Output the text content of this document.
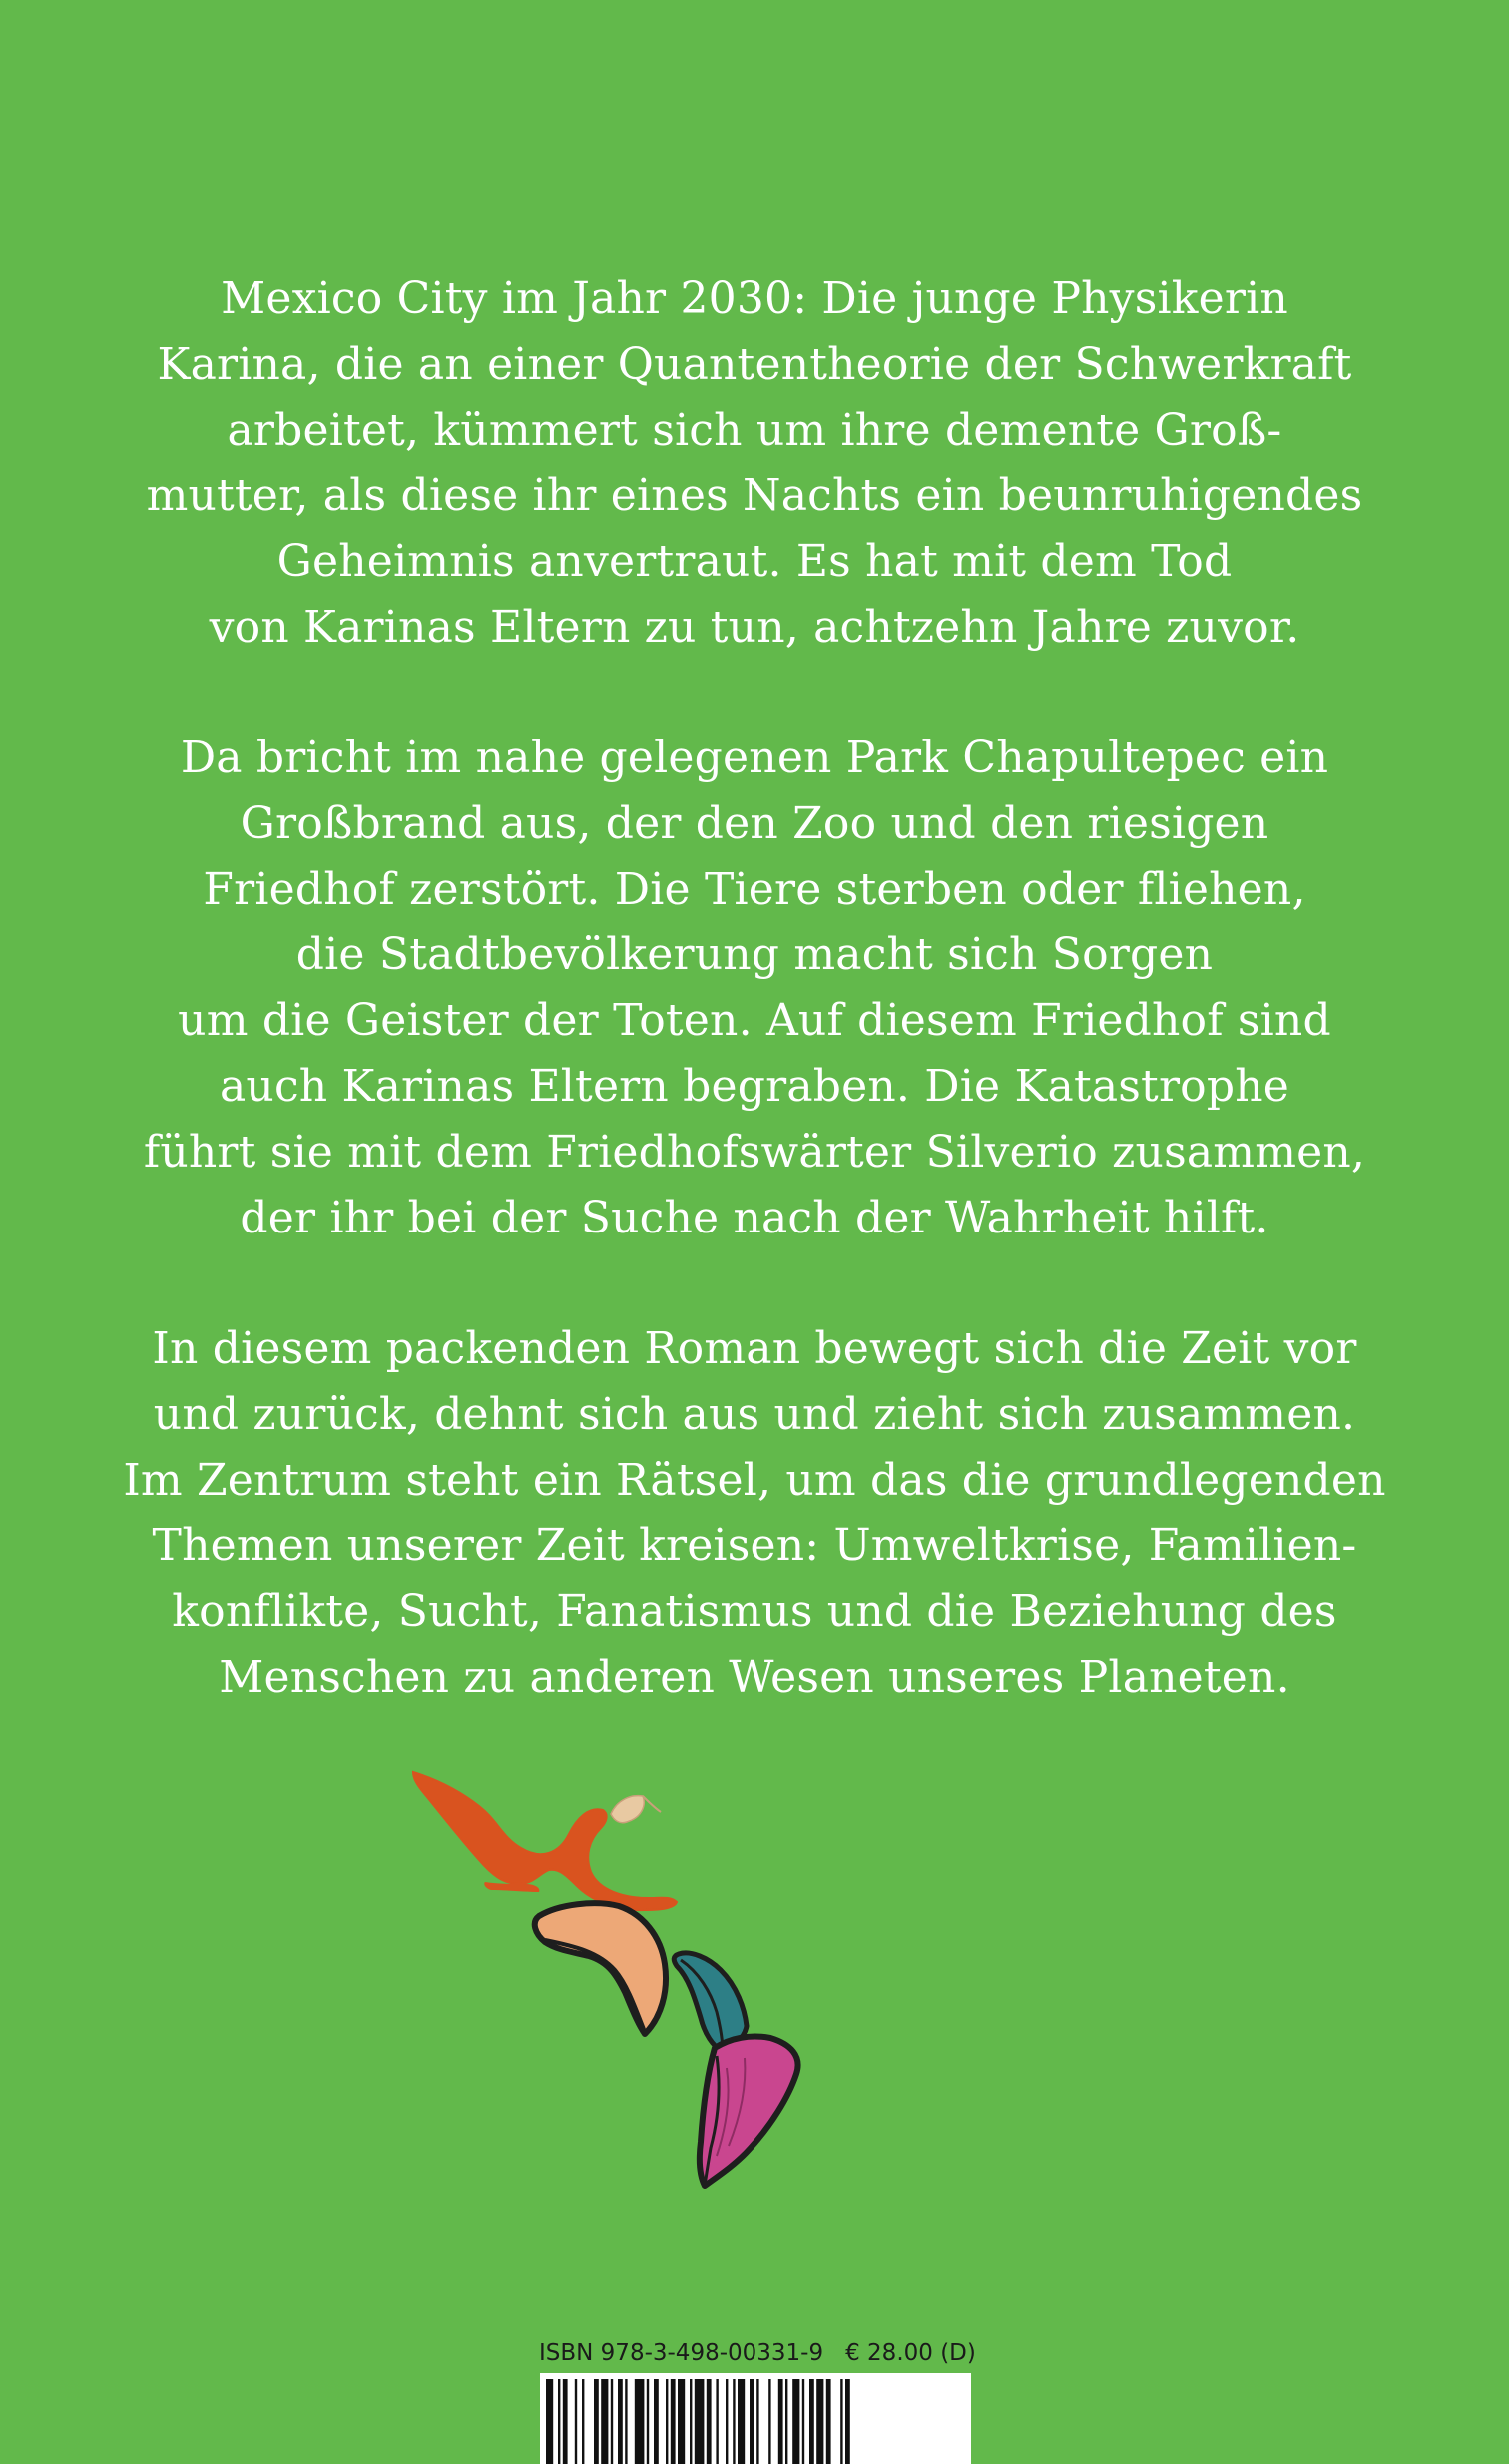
Mexico City im Jahr 2030: Die junge Physikerin
Karina, die an einer Quantentheorie der Schwerkraft
arbeitet, kümmert sich um ihre demente Groß-
mutter, als diese ihr eines Nachts ein beunruhigendes
Geheimnis anvertraut. Es hat mit dem Tod
von Karinas Eltern zu tun, achtzehn Jahre zuvor.
Da bricht im nahe gelegenen Park Chapultepec ein
Großbrand aus, der den Zoo und den riesigen
Friedhof zerstört. Die Tiere sterben oder fliehen,
die Stadtbevölkerung macht sich Sorgen
um die Geister der Toten. Auf diesem Friedhof sind
auch Karinas Eltern begraben. Die Katastrophe
führt sie mit dem Friedhofswärter Silverio zusammen,
der ihr bei der Suche nach der Wahrheit hilft.
In diesem packenden Roman bewegt sich die Zeit vor
und zurück, dehnt sich aus und zieht sich zusammen.
Im Zentrum steht ein Rätsel, um das die grundlegenden
Themen unserer Zeit kreisen: Umweltkrise, Familien-
konflikte, Sucht, Fanatismus und die Beziehung des
Menschen zu anderen Wesen unseres Planeten.
ISBN 978-3-498-00331-9 € 28.00 (D)
